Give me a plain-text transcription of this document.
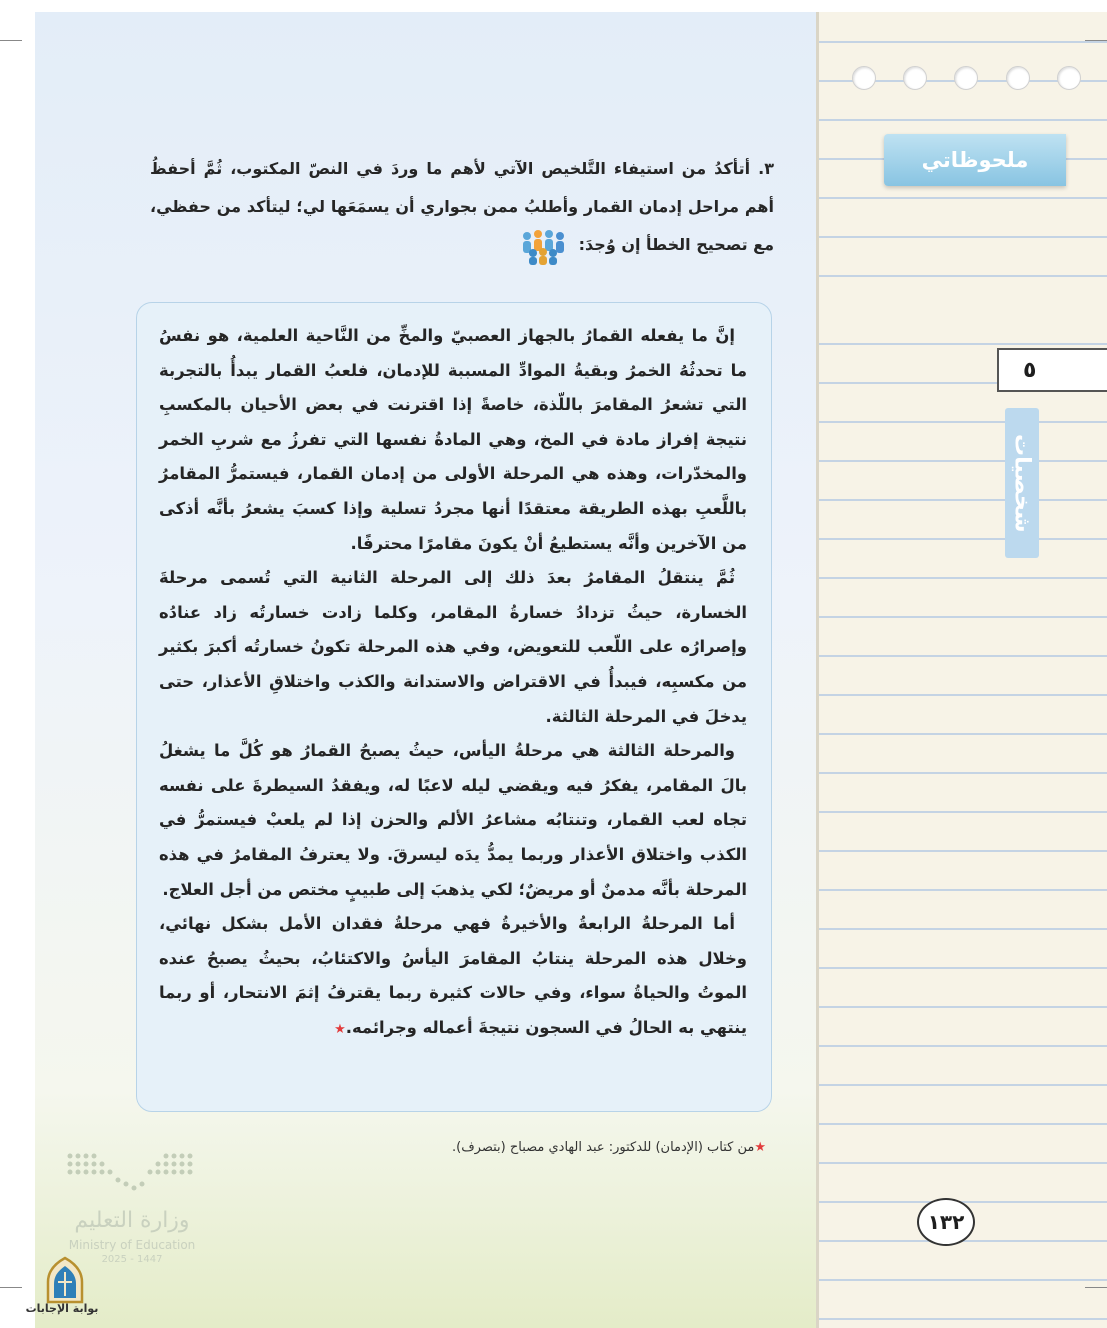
ملحوظاتي
٥
شخصيات
٣. أتأكدُ من استيفاء التَّلخيص الآتي لأهم ما وردَ في النصّ المكتوب، ثُمَّ أحفظُ أهم مراحل إدمان القمار وأطلبُ ممن بجواري أن يسمَعَها لي؛ ليتأكد من حفظي، مع تصحيح الخطأ إن وُجدَ:

إنَّ ما يفعله القمارُ بالجهاز العصبيّ والمخِّ من النَّاحية العلمية، هو نفسُ ما تحدثُهُ الخمرُ وبقيةُ الموادِّ المسببة للإدمان، فلعبُ القمار يبدأُ بالتجربة التي تشعرُ المقامرَ باللّذة، خاصةً إذا اقترنت في بعض الأحيان بالمكسبِ نتيجة إفراز مادة في المخ، وهي المادةُ نفسها التي تفرزُ مع شربِ الخمر والمخدّرات، وهذه هي المرحلة الأولى من إدمان القمار، فيستمرُّ المقامرُ باللَّعبِ بهذه الطريقة معتقدًا أنها مجردُ تسلية وإذا كسبَ يشعرُ بأنَّه أذكى من الآخرين وأنَّه يستطيعُ أنْ يكونَ مقامرًا محترفًا.

ثُمَّ ينتقلُ المقامرُ بعدَ ذلك إلى المرحلة الثانية التي تُسمى مرحلةَ الخسارة، حيثُ تزدادُ خسارةُ المقامر، وكلما زادت خسارتُه زاد عنادُه وإصرارُه على اللّعب للتعويض، وفي هذه المرحلة تكونُ خسارتُه أكبرَ بكثير من مكسبِه، فيبدأُ في الاقتراض والاستدانة والكذب واختلاقِ الأعذار، حتى يدخلَ في المرحلة الثالثة.

والمرحلة الثالثة هي مرحلةُ اليأس، حيثُ يصبحُ القمارُ هو كُلَّ ما يشغلُ بالَ المقامر، يفكرُ فيه ويقضي ليله لاعبًا له، ويفقدُ السيطرةَ على نفسه تجاه لعب القمار، وتنتابُه مشاعرُ الألم والحزن إذا لم يلعبْ فيستمرُّ في الكذب واختلاق الأعذار وربما يمدُّ يدَه ليسرقَ. ولا يعترفُ المقامرُ في هذه المرحلة بأنَّه مدمنٌ أو مريضٌ؛ لكي يذهبَ إلى طبيبٍ مختص من أجل العلاج.

أما المرحلةُ الرابعةُ والأخيرةُ فهي مرحلةُ فقدان الأمل بشكل نهائي، وخلال هذه المرحلة ينتابُ المقامرَ اليأسُ والاكتئابُ، بحيثُ يصبحُ عنده الموتُ والحياةُ سواء، وفي حالات كثيرة ربما يقترفُ إثمَ الانتحار، أو ربما ينتهي به الحالُ في السجون نتيجةَ أعماله وجرائمه.★

★من كتاب (الإدمان) للدكتور: عبد الهادي مصباح (بتصرف).
١٣٢
وزارة التعليم
Ministry of Education
2025 - 1447
بوابة الإجابات
